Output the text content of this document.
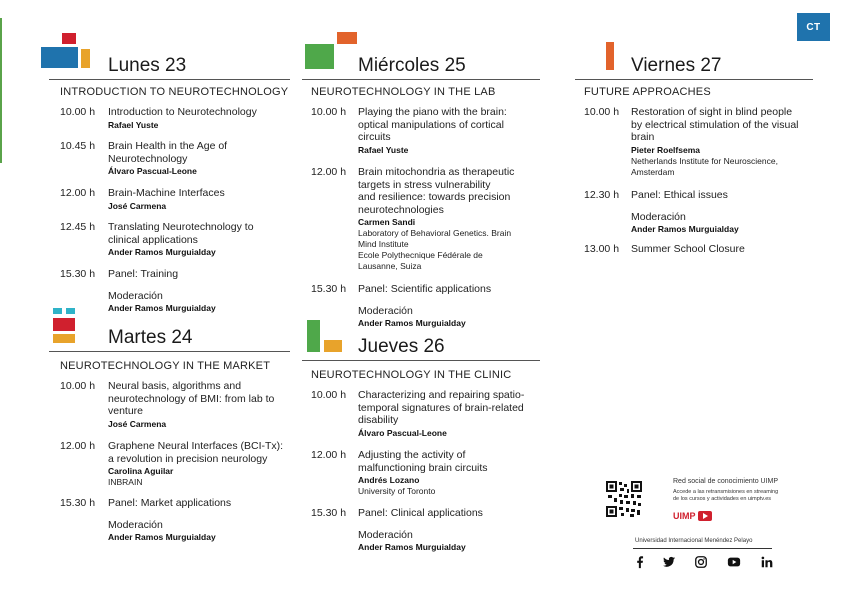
CT
Lunes 23
INTRODUCTION TO NEUROTECHNOLOGY
10.00 h Introduction to Neurotechnology
Rafael Yuste
10.45 h Brain Health in the Age of
Neurotechnology
Álvaro Pascual-Leone
12.00 h Brain-Machine Interfaces
José Carmena
12.45 h Translating Neurotechnology to
clinical applications
Ander Ramos Murguialday
15.30 h Panel: Training
Moderación
Ander Ramos Murguialday
Martes 24
NEUROTECHNOLOGY IN THE MARKET
10.00 h Neural basis, algorithms and
neurotechnology of BMI: from lab to
venture
José Carmena
12.00 h Graphene Neural Interfaces (BCI-Tx):
a revolution in precision neurology
Carolina Aguilar
INBRAIN
15.30 h Panel: Market applications
Moderación
Ander Ramos Murguialday
Miércoles 25
NEUROTECHNOLOGY IN THE LAB
10.00 h Playing the piano with the brain:
optical manipulations of cortical
circuits
Rafael Yuste
12.00 h Brain mitochondria as therapeutic
targets in stress vulnerability
and resilience: towards precision
neurotechnologies
Carmen Sandi
Laboratory of Behavioral Genetics. Brain
Mind Institute
Ecole Polythecnique Fédérale de
Lausanne, Suiza
15.30 h Panel: Scientific applications
Moderación
Ander Ramos Murguialday
Jueves 26
NEUROTECHNOLOGY IN THE CLINIC
10.00 h Characterizing and repairing spatio-
temporal signatures of brain-related
disability
Álvaro Pascual-Leone
12.00 h Adjusting the activity of
malfunctioning brain circuits
Andrés Lozano
University of Toronto
15.30 h Panel: Clinical applications
Moderación
Ander Ramos Murguialday
Viernes 27
FUTURE APPROACHES
10.00 h Restoration of sight in blind people
by electrical stimulation of the visual
brain
Pieter Roelfsema
Netherlands Institute for Neuroscience,
Amsterdam
12.30 h Panel: Ethical issues
Moderación
Ander Ramos Murguialday
13.00 h Summer School Closure
Red social de conocimiento UIMP
Accede a las retransmisiones en streaming
de los cursos y actividades en uimptv.es
UIMP
Universidad Internacional Menéndez Pelayo
